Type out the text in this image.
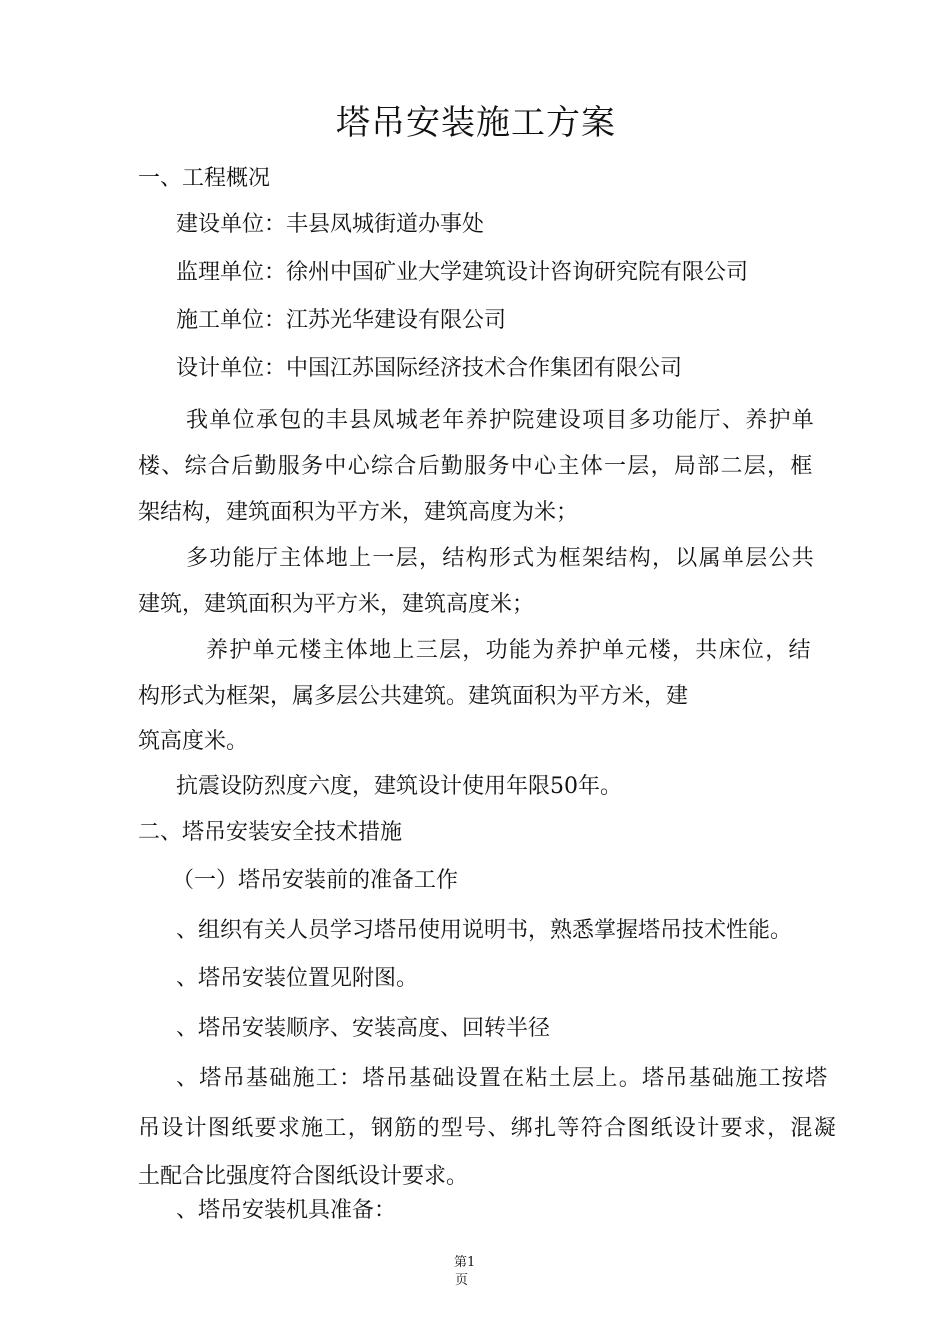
塔吊安装施工方案
一、工程概况
建设单位：丰县凤城街道办事处
监理单位：徐州中国矿业大学建筑设计咨询研究院有限公司
施工单位：江苏光华建设有限公司
设计单位：中国江苏国际经济技术合作集团有限公司
我单位承包的丰县凤城老年养护院建设项目多功能厅、养护单
楼、综合后勤服务中心综合后勤服务中心主体一层，局部二层，框
架结构，建筑面积为平方米，建筑高度为米；
多功能厅主体地上一层，结构形式为框架结构，以属单层公共
建筑，建筑面积为平方米，建筑高度米；
养护单元楼主体地上三层，功能为养护单元楼，共床位，结
构形式为框架，属多层公共建筑。建筑面积为平方米，建
筑高度米。
抗震设防烈度六度，建筑设计使用年限50年。
二、塔吊安装安全技术措施
（一）塔吊安装前的准备工作
、组织有关人员学习塔吊使用说明书，熟悉掌握塔吊技术性能。
、塔吊安装位置见附图。
、塔吊安装顺序、安装高度、回转半径
、塔吊基础施工：塔吊基础设置在粘土层上。塔吊基础施工按塔
吊设计图纸要求施工，钢筋的型号、绑扎等符合图纸设计要求，混凝
土配合比强度符合图纸设计要求。
、塔吊安装机具准备：
第1
页
